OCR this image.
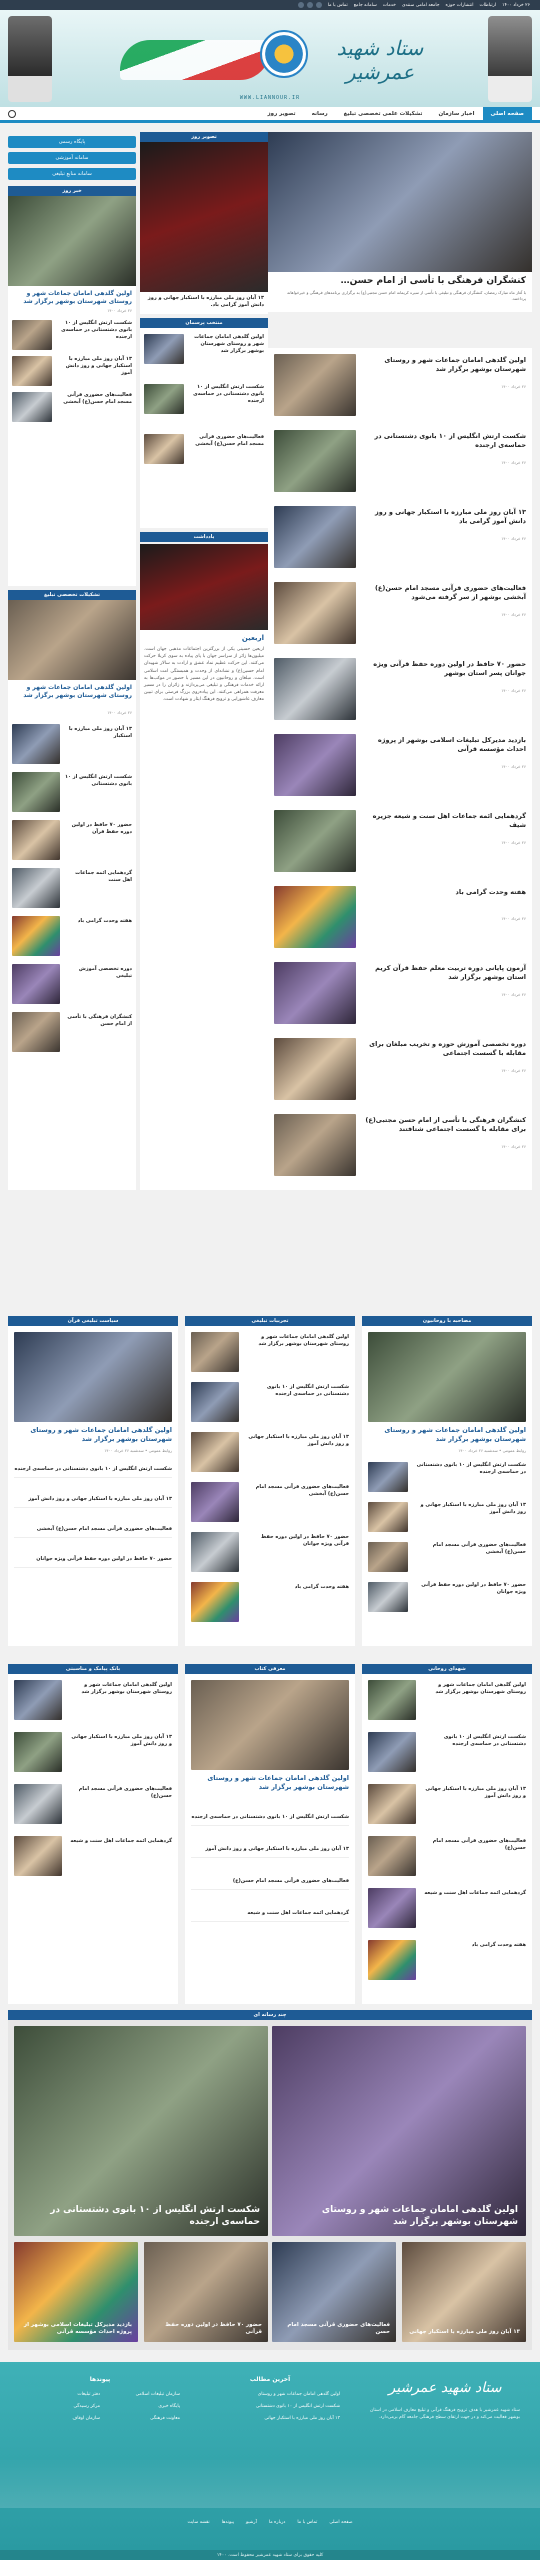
۲۶ خرداد ۱۴۰۰
ارتباطات
انتشارات حوزه
جامعه امامی سنندی
خدمات
سامانه جامع
تماس با ما
ستاد شهید عمرشیر
WWW.LIANNOUR.IR
صفحه اصلی
اخبار سازمان
تشکیلات علمی تخصصی تبلیغ
رسانه
تصویر روز
کنشگران فرهنگی با تأسی از امام حسن…
با آغاز ماه مبارک رمضان، کنشگران فرهنگی و تبلیغی با تأسی از سیره کریمانه امام حسن مجتبی(ع) به برگزاری برنامه‌های فرهنگی و خیرخواهانه پرداختند.
تصویر روز
۱۳ آبان روز ملی مبارزه با استکبار جهانی و روز دانش آموز گرامی باد.
پایگاه رسمی
سامانه آموزشی
سامانه منابع تبلیغی
خبر روز
اولین گلدهی امامان جماعات شهر و روستای شهرستان بوشهر برگزار شد
۲۶ خرداد ۱۴۰۰
شکست ارتش انگلیس از ۱۰ بانوی دشتستانی در حماسه‌ی ارجنده
۱۳ آبان روز ملی مبارزه با استکبار جهانی و روز دانش آموز
فعالیت‌های حضوری قرآنی مسجد امام حسن(ع) آبخشی
تشکیلات تخصصی تبلیغ
اولین گلدهی امامان جماعات شهر و روستای شهرستان بوشهر برگزار شد
۲۶ خرداد ۱۴۰۰
۱۳ آبان روز ملی مبارزه با استکبار
شکست ارتش انگلیس از ۱۰ بانوی دشتستانی
حضور ۷۰ حافظ در اولین دوره حفظ قرآن
گردهمایی ائمه جماعات اهل سنت
هفته وحدت گرامی باد
دوره تخصصی آموزش تبلیغی
کنشگران فرهنگی با تأسی از امام حسن
منتخب پرسمان
اولین گلدهی امامان جماعات شهر و روستای شهرستان بوشهر برگزار شد
شکست ارتش انگلیس از ۱۰ بانوی دشتستانی در حماسه‌ی ارجنده
فعالیت‌های حضوری قرآنی مسجد امام حسن(ع) آبخشی
یادداشت
اربعین
اربعین حسینی یکی از بزرگترین اجتماعات مذهبی جهان است. میلیون‌ها زائر از سراسر جهان با پای پیاده به سوی کربلا حرکت می‌کنند. این حرکت عظیم نماد عشق و ارادت به سالار شهیدان امام حسین(ع) و نشانه‌ای از وحدت و همبستگی امت اسلامی است. مبلغان و روحانیون در این مسیر با حضور در موکب‌ها به ارائه خدمات فرهنگی و تبلیغی می‌پردازند و زائران را در مسیر معرفت همراهی می‌کنند. این پیاده‌روی بزرگ فرصتی برای تبیین معارف عاشورایی و ترویج فرهنگ ایثار و شهادت است.
اولین گلدهی امامان جماعات شهر و روستای شهرستان بوشهر برگزار شد
۲۶ خرداد ۱۴۰۰
شکست ارتش انگلیس از ۱۰ بانوی دشتستانی در حماسه‌ی ارجنده
۲۶ خرداد ۱۴۰۰
۱۳ آبان روز ملی مبارزه با استکبار جهانی و روز دانش آموز گرامی باد
۲۶ خرداد ۱۴۰۰
فعالیت‌های حضوری قرآنی مسجد امام حسن(ع) آبخشی بوشهر از سر گرفته می‌شود
۲۶ خرداد ۱۴۰۰
حضور ۷۰ حافظ در اولین دوره حفظ قرآنی ویژه جوانان پسر استان بوشهر
۲۶ خرداد ۱۴۰۰
بازدید مدیرکل تبلیغات اسلامی بوشهر از پروژه احداث مؤسسه قرآنی
۲۶ خرداد ۱۴۰۰
گردهمایی ائمه جماعات اهل سنت و شیعه جزیره شیف
۲۶ خرداد ۱۴۰۰
هفته وحدت گرامی باد
۲۶ خرداد ۱۴۰۰
آزمون پایانی دوره تربیت معلم حفظ قرآن کریم استان بوشهر برگزار شد
۲۶ خرداد ۱۴۰۰
دوره تخصصی آموزش حوزه و تخریب مبلغان برای مقابله با گسست اجتماعی
۲۶ خرداد ۱۴۰۰
کنشگران فرهنگی با تأسی از امام حسن مجتبی(ع) برای مقابله با گسست اجتماعی شتافتند
۲۶ خرداد ۱۴۰۰
مصاحبه با روحانیون
تجربیات تبلیغی
سیاست تبلیغی قرآن
اولین گلدهی امامان جماعات شهر و روستای شهرستان بوشهر برگزار شد
روابط عمومی • سه‌شنبه ۲۶ خرداد ۱۴۰۰
شکست ارتش انگلیس از ۱۰ بانوی دشتستانی در حماسه‌ی ارجنده
۱۳ آبان روز ملی مبارزه با استکبار جهانی و روز دانش آموز
فعالیت‌های حضوری قرآنی مسجد امام حسن(ع) آبخشی
حضور ۷۰ حافظ در اولین دوره حفظ قرآنی ویژه جوانان
اولین گلدهی امامان جماعات شهر و روستای شهرستان بوشهر برگزار شد
شکست ارتش انگلیس از ۱۰ بانوی دشتستانی در حماسه‌ی ارجنده
۱۳ آبان روز ملی مبارزه با استکبار جهانی و روز دانش آموز
فعالیت‌های حضوری قرآنی مسجد امام حسن(ع) آبخشی
حضور ۷۰ حافظ در اولین دوره حفظ قرآنی ویژه جوانان
هفته وحدت گرامی باد
اولین گلدهی امامان جماعات شهر و روستای شهرستان بوشهر برگزار شد
روابط عمومی • سه‌شنبه ۲۶ خرداد ۱۴۰۰
شکست ارتش انگلیس از ۱۰ بانوی دشتستانی در حماسه‌ی ارجنده
۱۳ آبان روز ملی مبارزه با استکبار جهانی و روز دانش آموز
فعالیت‌های حضوری قرآنی مسجد امام حسن(ع) آبخشی
حضور ۷۰ حافظ در اولین دوره حفظ قرآنی ویژه جوانان
شهدای روحانی
معرفی کتاب
بانک پیامک و مناسبتی
اولین گلدهی امامان جماعات شهر و روستای شهرستان بوشهر برگزار شد
شکست ارتش انگلیس از ۱۰ بانوی دشتستانی در حماسه‌ی ارجنده
۱۳ آبان روز ملی مبارزه با استکبار جهانی و روز دانش آموز
فعالیت‌های حضوری قرآنی مسجد امام حسن(ع)
گردهمایی ائمه جماعات اهل سنت و شیعه
هفته وحدت گرامی باد
اولین گلدهی امامان جماعات شهر و روستای شهرستان بوشهر برگزار شد
شکست ارتش انگلیس از ۱۰ بانوی دشتستانی در حماسه‌ی ارجنده
۱۳ آبان روز ملی مبارزه با استکبار جهانی و روز دانش آموز
فعالیت‌های حضوری قرآنی مسجد امام حسن(ع)
گردهمایی ائمه جماعات اهل سنت و شیعه
اولین گلدهی امامان جماعات شهر و روستای شهرستان بوشهر برگزار شد
۱۳ آبان روز ملی مبارزه با استکبار جهانی و روز دانش آموز
فعالیت‌های حضوری قرآنی مسجد امام حسن(ع)
گردهمایی ائمه جماعات اهل سنت و شیعه
چند رسانه ای
شکست ارتش انگلیس از ۱۰ بانوی دشتستانی در حماسه‌ی ارجنده
اولین گلدهی امامان جماعات شهر و روستای شهرستان بوشهر برگزار شد
بازدید مدیرکل تبلیغات اسلامی بوشهر از پروژه احداث مؤسسه قرآنی
حضور ۷۰ حافظ در اولین دوره حفظ قرآنی
فعالیت‌های حضوری قرآنی مسجد امام حسن	۱۳ آبان روز ملی مبارزه با استکبار جهانی
ستاد شهید عمرشیر
ستاد شهید عمرشیر با هدف ترویج فرهنگ قرآنی و تبلیغ معارف اسلامی در استان بوشهر فعالیت می‌کند و در جهت ارتقای سطح فرهنگی جامعه گام برمی‌دارد.
آخرین مطالب
اولین گلدهی امامان جماعات شهر و روستای
شکست ارتش انگلیس از ۱۰ بانوی دشتستانی
۱۳ آبان روز ملی مبارزه با استکبار جهانی
پیوندها
سازمان تبلیغات اسلامی
دفتر تبلیغات
پایگاه خبری
مرکز رسیدگی
معاونت فرهنگی
سازمان اوقاف
صفحه اصلی
تماس با ما
درباره ما
آرشیو
پیوندها
نقشه سایت
کلیه حقوق برای ستاد شهید عمرشیر محفوظ است. ۱۴۰۰
